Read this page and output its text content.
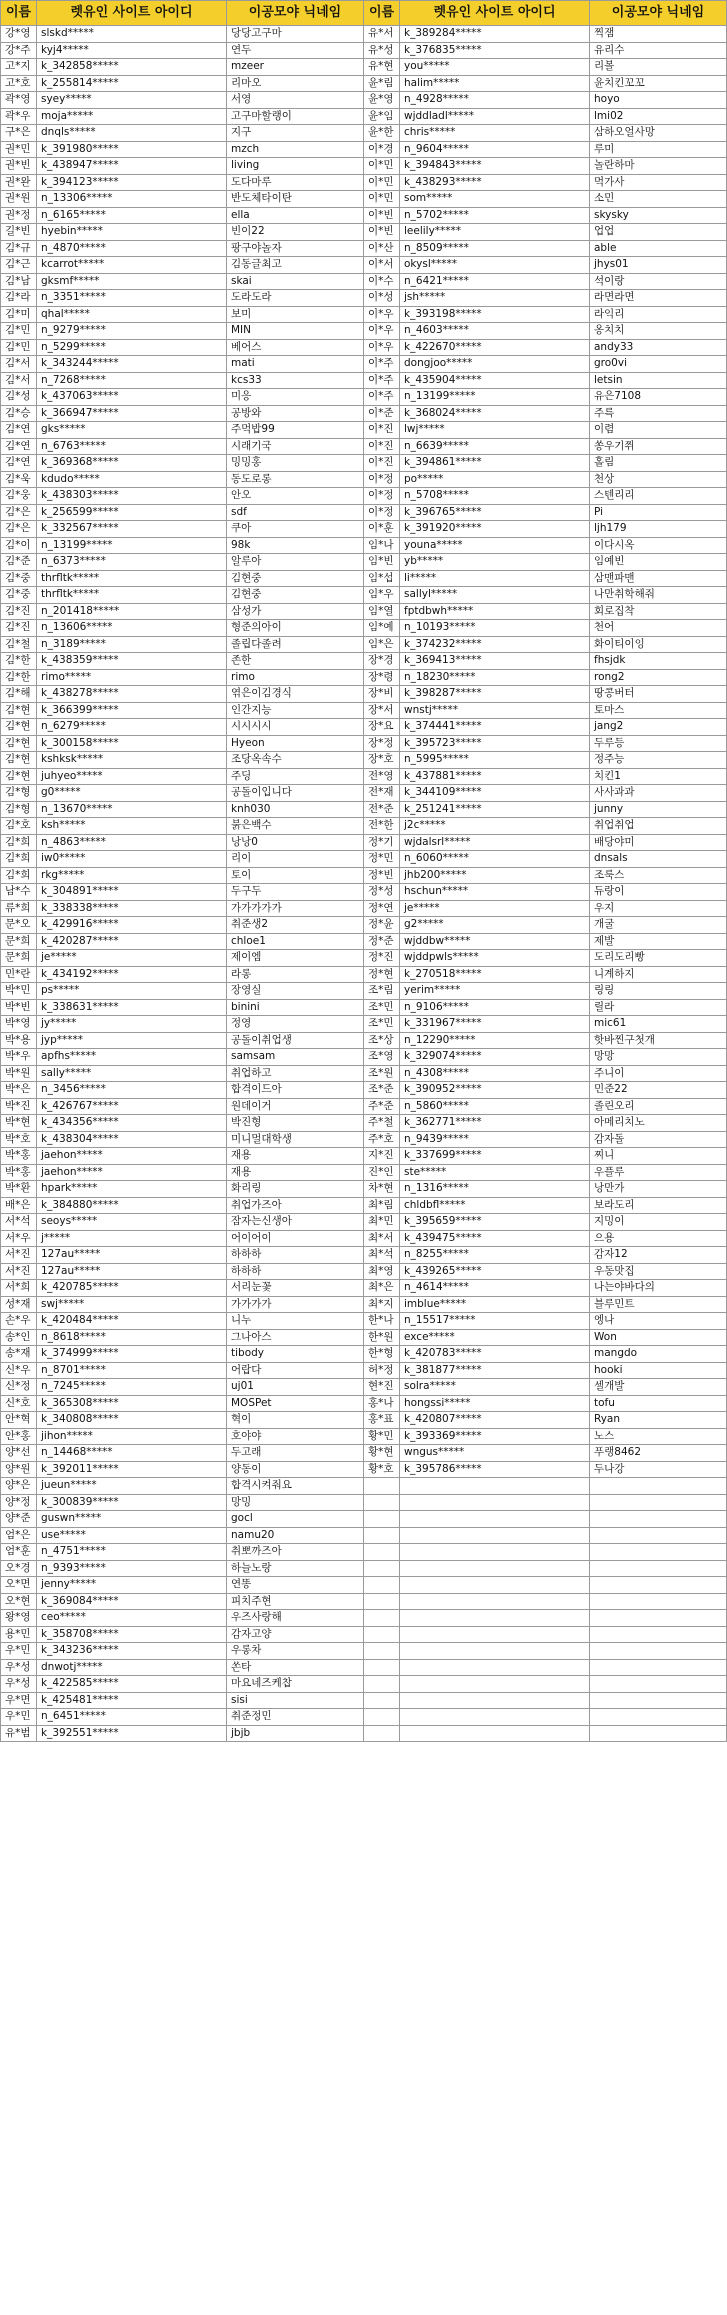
이름	렛유인 사이트 아이디	이공모야 닉네임	이름	렛유인 사이트 아이디	이공모야 닉네임
강*영	slskd*****	당당고구마	유*서	k_389284*****	찍잼
강*주	kyj4*****	연두	유*성	k_376835*****	유리수
고*지	k_342858*****	mzeer	유*현	you*****	리볼
고*호	k_255814*****	리마오	윤*림	halim*****	윤치킨꼬꼬
곽*영	syey*****	서영	윤*영	n_4928*****	hoyo
곽*우	moja*****	고구마할랭이	윤*임	wjddladl*****	lmi02
구*은	dnqls*****	지구	윤*한	chris*****	삼하오얼사망
권*민	k_391980*****	mzch	이*경	n_9604*****	루미
권*빈	k_438947*****	living	이*민	k_394843*****	놀란하마
권*완	k_394123*****	도다마루	이*민	k_438293*****	먹가사
권*원	n_13306*****	반도체타이탄	이*민	som*****	소민
권*정	n_6165*****	ella	이*빈	n_5702*****	skysky
길*빈	hyebin*****	빈이22	이*빈	leelily*****	업업
김*규	n_4870*****	팡구야놀자	이*산	n_8509*****	able
김*근	kcarrot*****	김동글최고	이*서	okysl*****	jhys01
김*남	gksmf*****	skai	이*수	n_6421*****	석이랑
김*라	n_3351*****	도라도라	이*성	jsh*****	라면라면
김*미	qhal*****	보미	이*우	k_393198*****	라익리
김*민	n_9279*****	MIN	이*우	n_4603*****	옹치치
김*민	n_5299*****	베어스	이*우	k_422670*****	andy33
김*서	k_343244*****	mati	이*주	dongjoo*****	gro0vi
김*서	n_7268*****	kcs33	이*주	k_435904*****	letsin
김*성	k_437063*****	미응	이*주	n_13199*****	유은7108
김*승	k_366947*****	공방와	이*준	k_368024*****	주륵
김*연	gks*****	주먹밥99	이*진	lwj*****	이렴
김*연	n_6763*****	시래기국	이*진	n_6639*****	쏭우기쮜
김*연	k_369368*****	밍밍홍	이*진	k_394861*****	홀림
김*욱	kdudo*****	동도로롱	이*정	po*****	천상
김*웅	k_438303*****	안오	이*정	n_5708*****	스텐리리
김*은	k_256599*****	sdf	이*정	k_396765*****	Pi
김*은	k_332567*****	쿠아	이*훈	k_391920*****	ljh179
김*이	n_13199*****	98k	임*나	youna*****	이다시옥
김*준	n_6373*****	알루아	임*빈	yb*****	임예빈
김*중	thrfltk*****	김현중	임*섭	li*****	삼맨파맨
김*중	thrfltk*****	김현중	임*우	sallyl*****	나만취학해줘
김*진	n_201418*****	삼성가	임*열	fptdbwh*****	회로집착
김*진	n_13606*****	형준의아이	임*예	n_10193*****	천어
김*철	n_3189*****	졸립다졸려	임*은	k_374232*****	화이티이잉
김*한	k_438359*****	존한	장*경	k_369413*****	fhsjdk
김*한	rimo*****	rimo	장*령	n_18230*****	rong2
김*해	k_438278*****	엮은이김경식	장*비	k_398287*****	땅콩버터
김*현	k_366399*****	인간지능	장*서	wnstj*****	토마스
김*현	n_6279*****	시시시시	장*요	k_374441*****	jang2
김*현	k_300158*****	Hyeon	장*정	k_395723*****	두루등
김*현	kshksk*****	조당옥속수	장*호	n_5995*****	정주능
김*현	juhyeo*****	주딩	전*영	k_437881*****	치킨1
김*형	g0*****	공돌이입니다	전*재	k_344109*****	사사과과
김*형	n_13670*****	knh030	전*준	k_251241*****	junny
김*호	ksh*****	붉은백수	전*한	j2c*****	취업취업
김*희	n_4863*****	낭낭0	정*기	wjdalsrl*****	배당야미
김*희	iw0*****	리이	정*민	n_6060*****	dnsals
김*희	rkg*****	토이	정*빈	jhb200*****	조룩스
남*수	k_304891*****	두구두	정*성	hschun*****	듀랑이
류*희	k_338338*****	가가가가가	정*연	je*****	우지
문*오	k_429916*****	취준생2	정*윤	g2*****	개굴
문*희	k_420287*****	chloe1	정*준	wjddbw*****	제발
문*희	je*****	제이엠	정*진	wjddpwls*****	도리도리빵
민*란	k_434192*****	라롱	정*현	k_270518*****	니계하지
박*민	ps*****	장영실	조*림	yerim*****	링링
박*빈	k_338631*****	binini	조*민	n_9106*****	릴라
박*영	jy*****	정영	조*민	k_331967*****	mic61
박*용	jyp*****	공돌이취업생	조*상	n_12290*****	핫바찐구첫개
박*우	apfhs*****	samsam	조*영	k_329074*****	망망
박*원	sally*****	취업하고	조*원	n_4308*****	주니이
박*은	n_3456*****	합격이드아	조*준	k_390952*****	민준22
박*진	k_426767*****	원데이거	주*준	n_5860*****	졸린오리
박*현	k_434356*****	박진형	주*철	k_362771*****	아메리치노
박*호	k_438304*****	미니멀대학생	주*호	n_9439*****	감자돌
박*홍	jaehon*****	재용	지*진	k_337699*****	찌니
박*홍	jaehon*****	재용	진*인	ste*****	우플루
박*환	hpark*****	화리링	차*현	n_1316*****	낭만가
배*은	k_384880*****	취업가즈아	최*림	chldbfl*****	보라도리
서*석	seoys*****	잠자는신생아	최*민	k_395659*****	지밍이
서*우	j*****	어이어이	최*서	k_439475*****	으용
서*진	127au*****	하하하	최*석	n_8255*****	감자12
서*진	127au*****	하하하	최*영	k_439265*****	우동맛집
서*희	k_420785*****	서리눈꽃	최*은	n_4614*****	나는야바다의
성*재	swj*****	가가가가	최*지	imblue*****	블루민트
손*우	k_420484*****	니누	한*나	n_15517*****	엥나
송*인	n_8618*****	그나아스	한*원	exce*****	Won
송*재	k_374999*****	tibody	한*형	k_420783*****	mangdo
신*우	n_8701*****	어랍다	허*정	k_381877*****	hooki
신*정	n_7245*****	uj01	현*진	solra*****	셀개발
신*호	k_365308*****	MOSPet	홍*나	hongssi*****	tofu
안*혁	k_340808*****	혁이	홍*표	k_420807*****	Ryan
안*홍	jihon*****	호야야	황*민	k_393369*****	노스
양*선	n_14468*****	두고래	황*현	wngus*****	푸랭8462
양*원	k_392011*****	양동이	황*호	k_395786*****	두나강
양*은	jueun*****	합격시켜줘요			
양*정	k_300839*****	망밍			
양*준	guswn*****	gocl			
엄*은	use*****	namu20			
엄*훈	n_4751*****	취뽀까즈아			
오*경	n_9393*****	하늘노랑			
오*면	jenny*****	연똥			
오*현	k_369084*****	피치주현			
왕*영	ceo*****	우즈사랑해			
용*민	k_358708*****	감자고양			
우*민	k_343236*****	우롱차			
우*성	dnwotj*****	쏜타			
우*성	k_422585*****	마요네즈케찹			
우*면	k_425481*****	sisi			
우*민	n_6451*****	취준정민			
유*범	k_392551*****	jbjb			
